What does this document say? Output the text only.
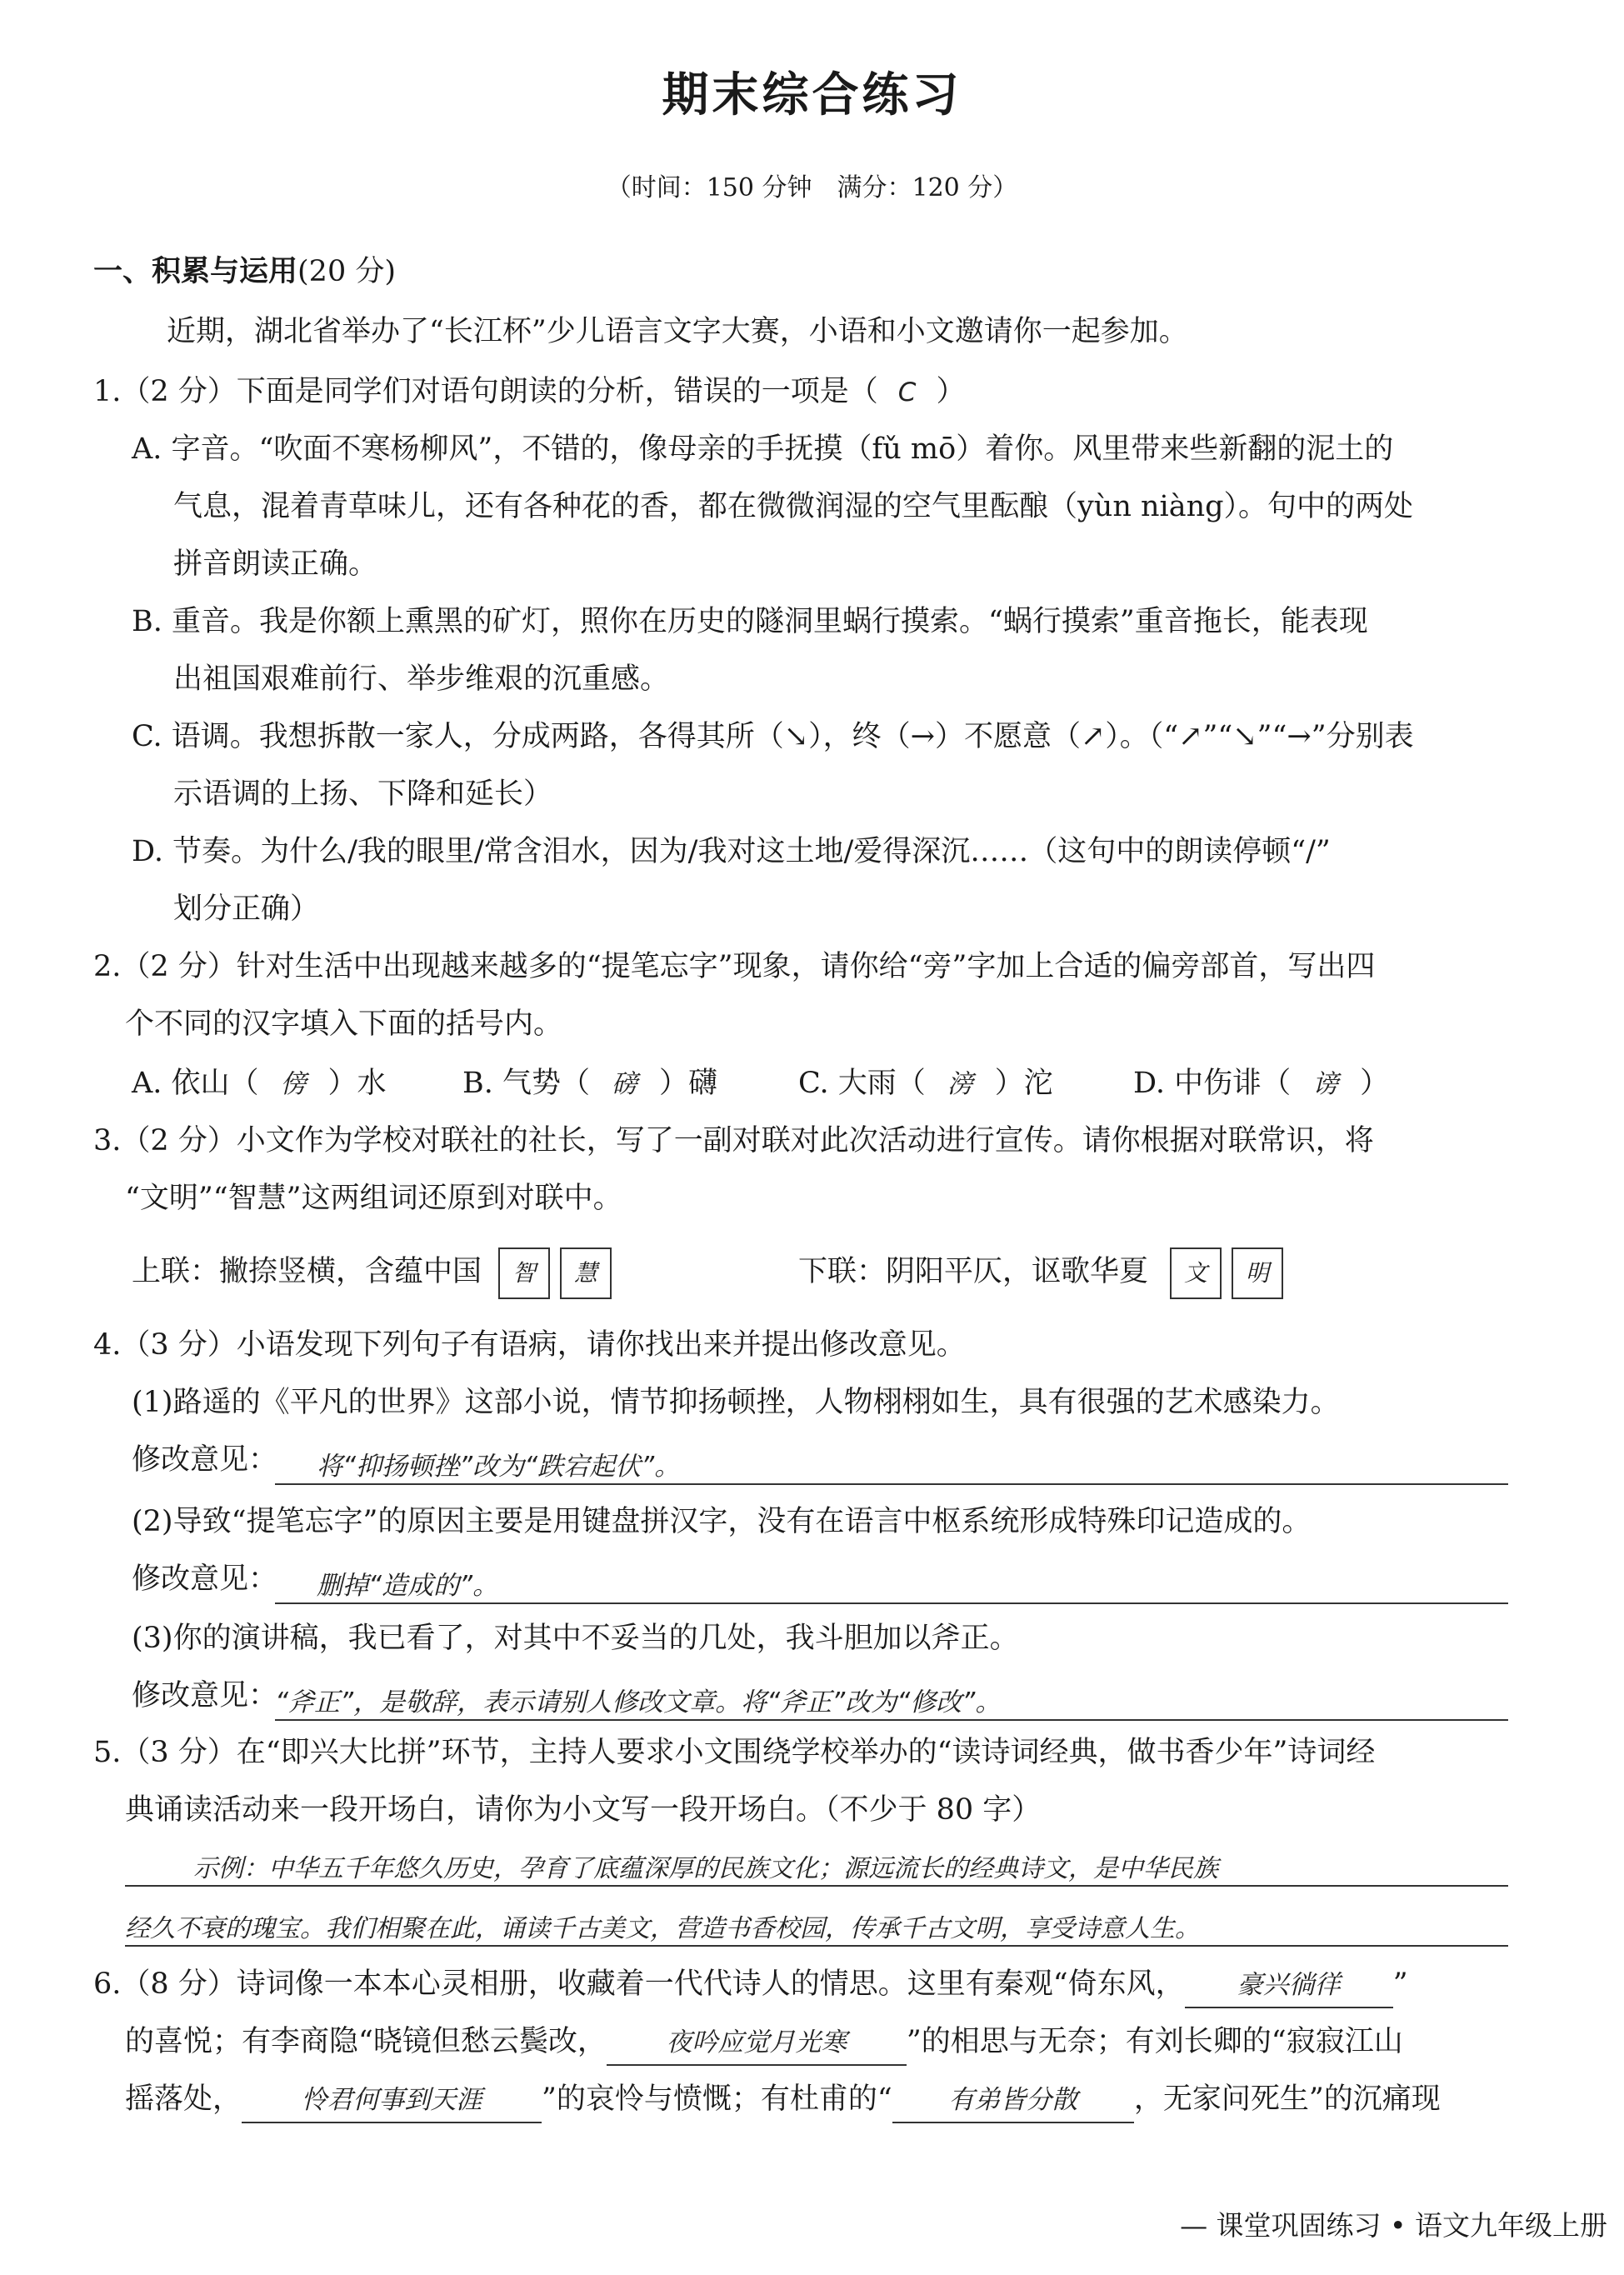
期末综合练习
（时间：150 分钟　满分：120 分）
一、积累与运用(20 分)
近期，湖北省举办了“长江杯”少儿语言文字大赛，小语和小文邀请你一起参加。
1.（2 分）下面是同学们对语句朗读的分析，错误的一项是（ C ）
A. 字音。“吹面不寒杨柳风”，不错的，像母亲的手抚摸（fǔ mō）着你。风里带来些新翻的泥土的
气息，混着青草味儿，还有各种花的香，都在微微润湿的空气里酝酿（yùn niàng）。句中的两处
拼音朗读正确。
B. 重音。我是你额上熏黑的矿灯，照你在历史的隧洞里蜗行摸索。“蜗行摸索”重音拖长，能表现
出祖国艰难前行、举步维艰的沉重感。
C. 语调。我想拆散一家人，分成两路，各得其所（↘），终（→）不愿意（↗）。（“↗”“↘”“→”分别表
示语调的上扬、下降和延长）
D. 节奏。为什么/我的眼里/常含泪水，因为/我对这土地/爱得深沉……（这句中的朗读停顿“/”
划分正确）
2.（2 分）针对生活中出现越来越多的“提笔忘字”现象，请你给“旁”字加上合适的偏旁部首，写出四
个不同的汉字填入下面的括号内。
A. 依山（ 傍 ）水	B. 气势（ 磅 ）礴	C. 大雨（ 滂 ）沱	D. 中伤诽（ 谤 ）
3.（2 分）小文作为学校对联社的社长，写了一副对联对此次活动进行宣传。请你根据对联常识，将
“文明”“智慧”这两组词还原到对联中。
上联：撇捺竖横，含蕴中国	智	慧	下联：阴阳平仄，讴歌华夏	文	明
4.（3 分）小语发现下列句子有语病，请你找出来并提出修改意见。
(1)路遥的《平凡的世界》这部小说，情节抑扬顿挫，人物栩栩如生，具有很强的艺术感染力。
修改意见： 将“抑扬顿挫”改为“跌宕起伏”。
(2)导致“提笔忘字”的原因主要是用键盘拼汉字，没有在语言中枢系统形成特殊印记造成的。
修改意见： 删掉“造成的”。
(3)你的演讲稿，我已看了，对其中不妥当的几处，我斗胆加以斧正。
修改意见：
“斧正”，是敬辞，表示请别人修改文章。将“斧正”改为“修改”。
5.（3 分）在“即兴大比拼”环节，主持人要求小文围绕学校举办的“读诗词经典，做书香少年”诗词经
典诵读活动来一段开场白，请你为小文写一段开场白。（不少于 80 字）
示例：中华五千年悠久历史，孕育了底蕴深厚的民族文化；源远流长的经典诗文，是中华民族
经久不衰的瑰宝。我们相聚在此，诵读千古美文，营造书香校园，传承千古文明，享受诗意人生。
6.（8 分）诗词像一本本心灵相册，收藏着一代代诗人的情思。这里有秦观“倚东风， 豪兴徜徉 ”
的喜悦；有李商隐“晓镜但愁云鬓改， 夜吟应觉月光寒 ”的相思与无奈；有刘长卿的“寂寂江山
摇落处， 怜君何事到天涯 ”的哀怜与愤慨；有杜甫的“ 有弟皆分散 ，无家问死生”的沉痛现
— 课堂巩固练习 • 语文九年级上册
